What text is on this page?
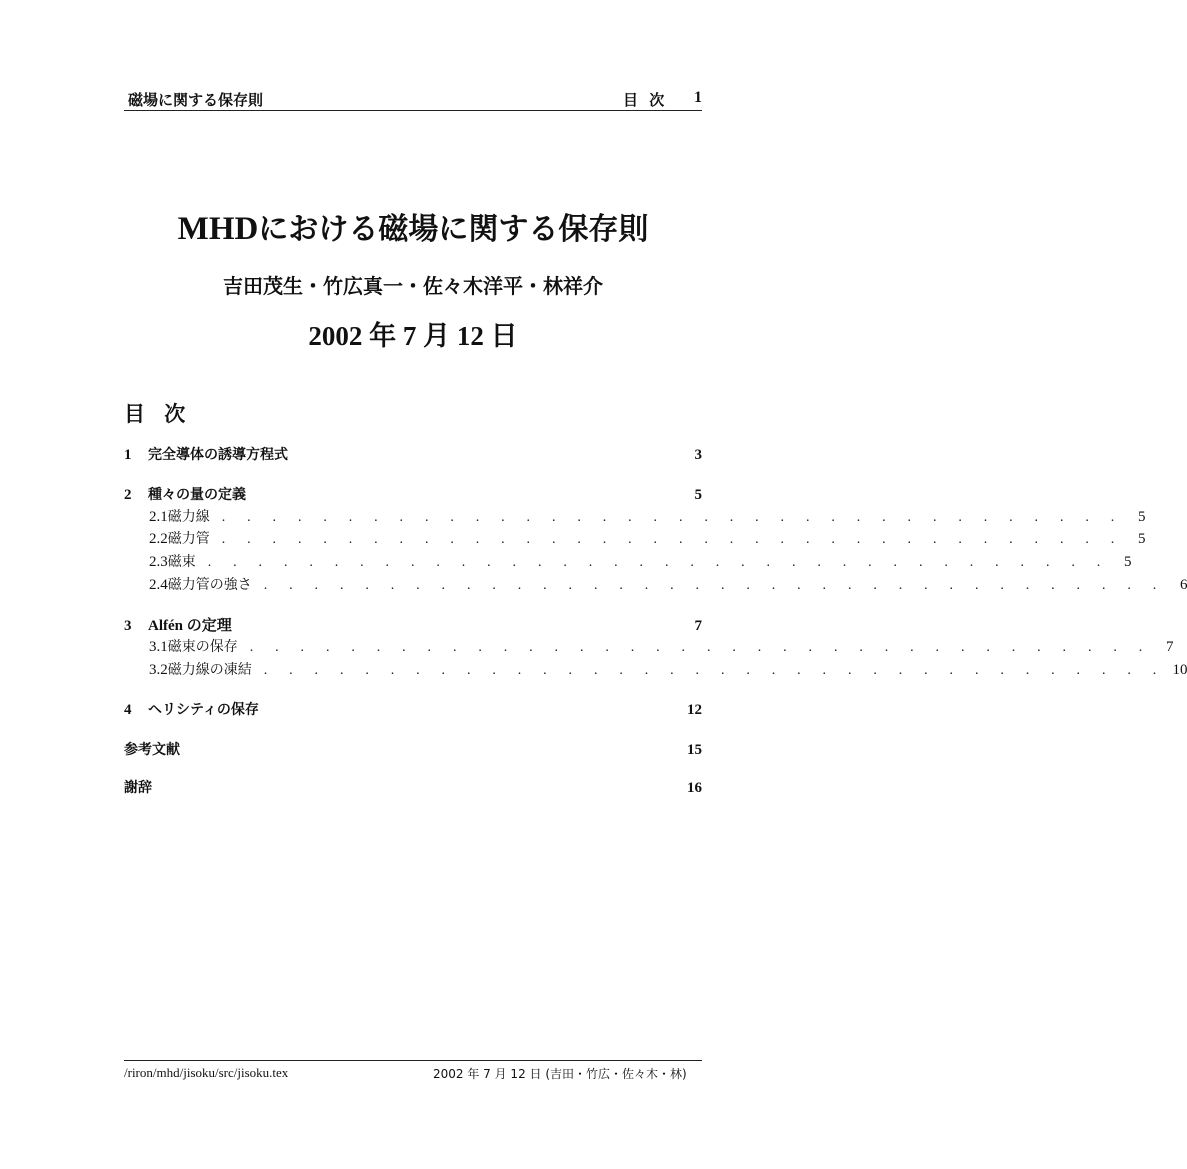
磁場に関する保存則	目 次 1
MHDにおける磁場に関する保存則
吉田茂生・竹広真一・佐々木洋平・林祥介
2002 年 7 月 12 日
目 次
1	完全導体の誘導方程式	3
2	種々の量の定義	5
2.1 磁力線 . . . . . . . . . . . . . . . . . . . . . . . . . . . . . . . . . . . . 5
2.2 磁力管 . . . . . . . . . . . . . . . . . . . . . . . . . . . . . . . . . . . . 5
2.3 磁束 . . . . . . . . . . . . . . . . . . . . . . . . . . . . . . . . . . . . 5
2.4 磁力管の強さ . . . . . . . . . . . . . . . . . . . . . . . . . . . . . . . . . . . . 6
3	Alfén の定理	7
3.1 磁束の保存 . . . . . . . . . . . . . . . . . . . . . . . . . . . . . . . . . . . . 7
3.2 磁力線の凍結 . . . . . . . . . . . . . . . . . . . . . . . . . . . . . . . . . . . . 10
4	ヘリシティの保存	12
参考文献	15
謝辞	16
/riron/mhd/jisoku/src/jisoku.tex	2002 年 7 月 12 日 (吉田・竹広・佐々木・林)
